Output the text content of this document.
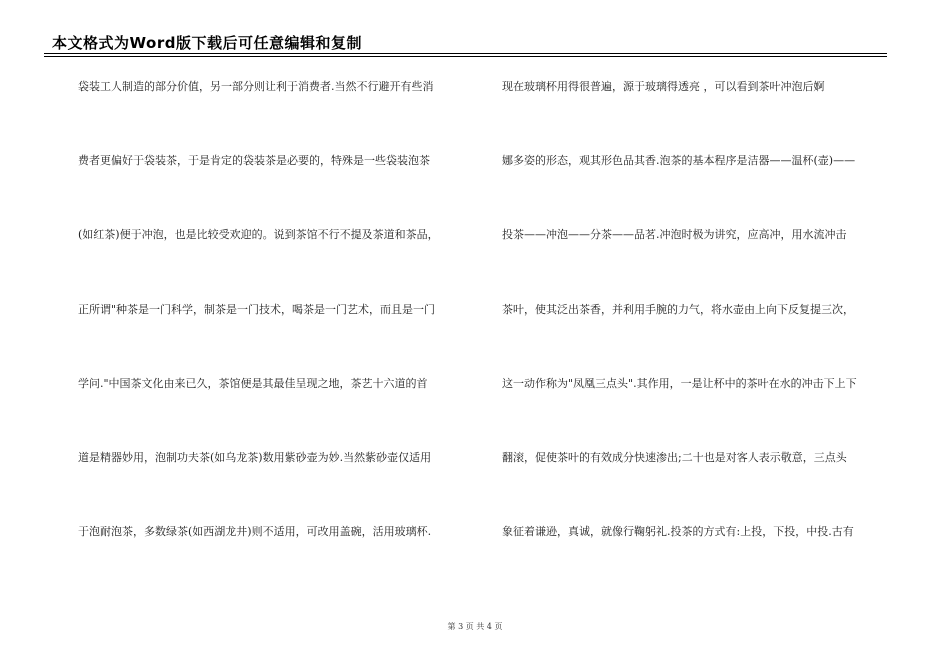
本文格式为Word版下载后可任意编辑和复制
袋装工人制造的部分价值，另一部分则让利于消费者.当然不行避开有些消
费者更偏好于袋装茶，于是肯定的袋装茶是必要的，特殊是一些袋装泡茶
(如红茶)便于冲泡，也是比较受欢迎的。说到茶馆不行不提及茶道和茶品，
正所谓"种茶是一门科学，制茶是一门技术，喝茶是一门艺术，而且是一门
学问."中国茶文化由来已久，茶馆便是其最佳呈现之地，茶艺十六道的首
道是精器妙用，泡制功夫茶(如乌龙茶)数用紫砂壶为妙.当然紫砂壶仅适用
于泡耐泡茶，多数绿茶(如西湖龙井)则不适用，可改用盖碗，活用玻璃杯.
现在玻璃杯用得很普遍，源于玻璃得透亮 ，可以看到茶叶冲泡后婀
娜多姿的形态，观其形色品其香.泡茶的基本程序是洁器——温杯(壶)——
投茶——冲泡——分茶——品茗.冲泡时极为讲究，应高冲，用水流冲击
茶叶，使其泛出茶香，并利用手腕的力气，将水壶由上向下反复提三次，
这一动作称为"凤凰三点头".其作用，一是让杯中的茶叶在水的冲击下上下
翻滚，促使茶叶的有效成分快速渗出;二十也是对客人表示敬意，三点头
象征着谦逊，真诚，就像行鞠躬礼.投茶的方式有:上投，下投，中投.古有
第 3 页 共 4 页
